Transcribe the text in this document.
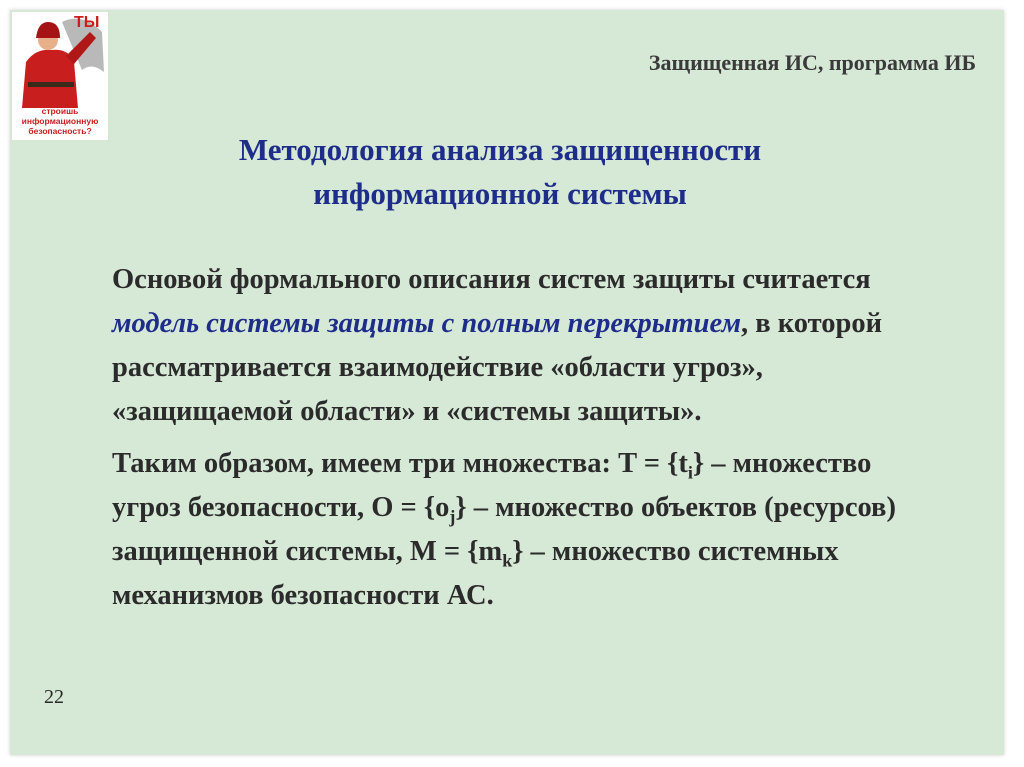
ТЫ
строишь
информационную
безопасность?
Защищенная ИС, программа ИБ
Методология анализа защищенности
информационной системы
Основой формального описания систем защиты считается модель системы защиты с полным перекрытием, в которой рассматривается взаимодействие «области угроз», «защищаемой области» и «системы защиты».
Таким образом, имеем три множества: $T = \{t_i\}$ – множество угроз безопасности, $O = \{o_j\}$ – множество объектов (ресурсов) защищенной системы, $M = \{m_k\}$ – множество системных механизмов безопасности АС.
22
